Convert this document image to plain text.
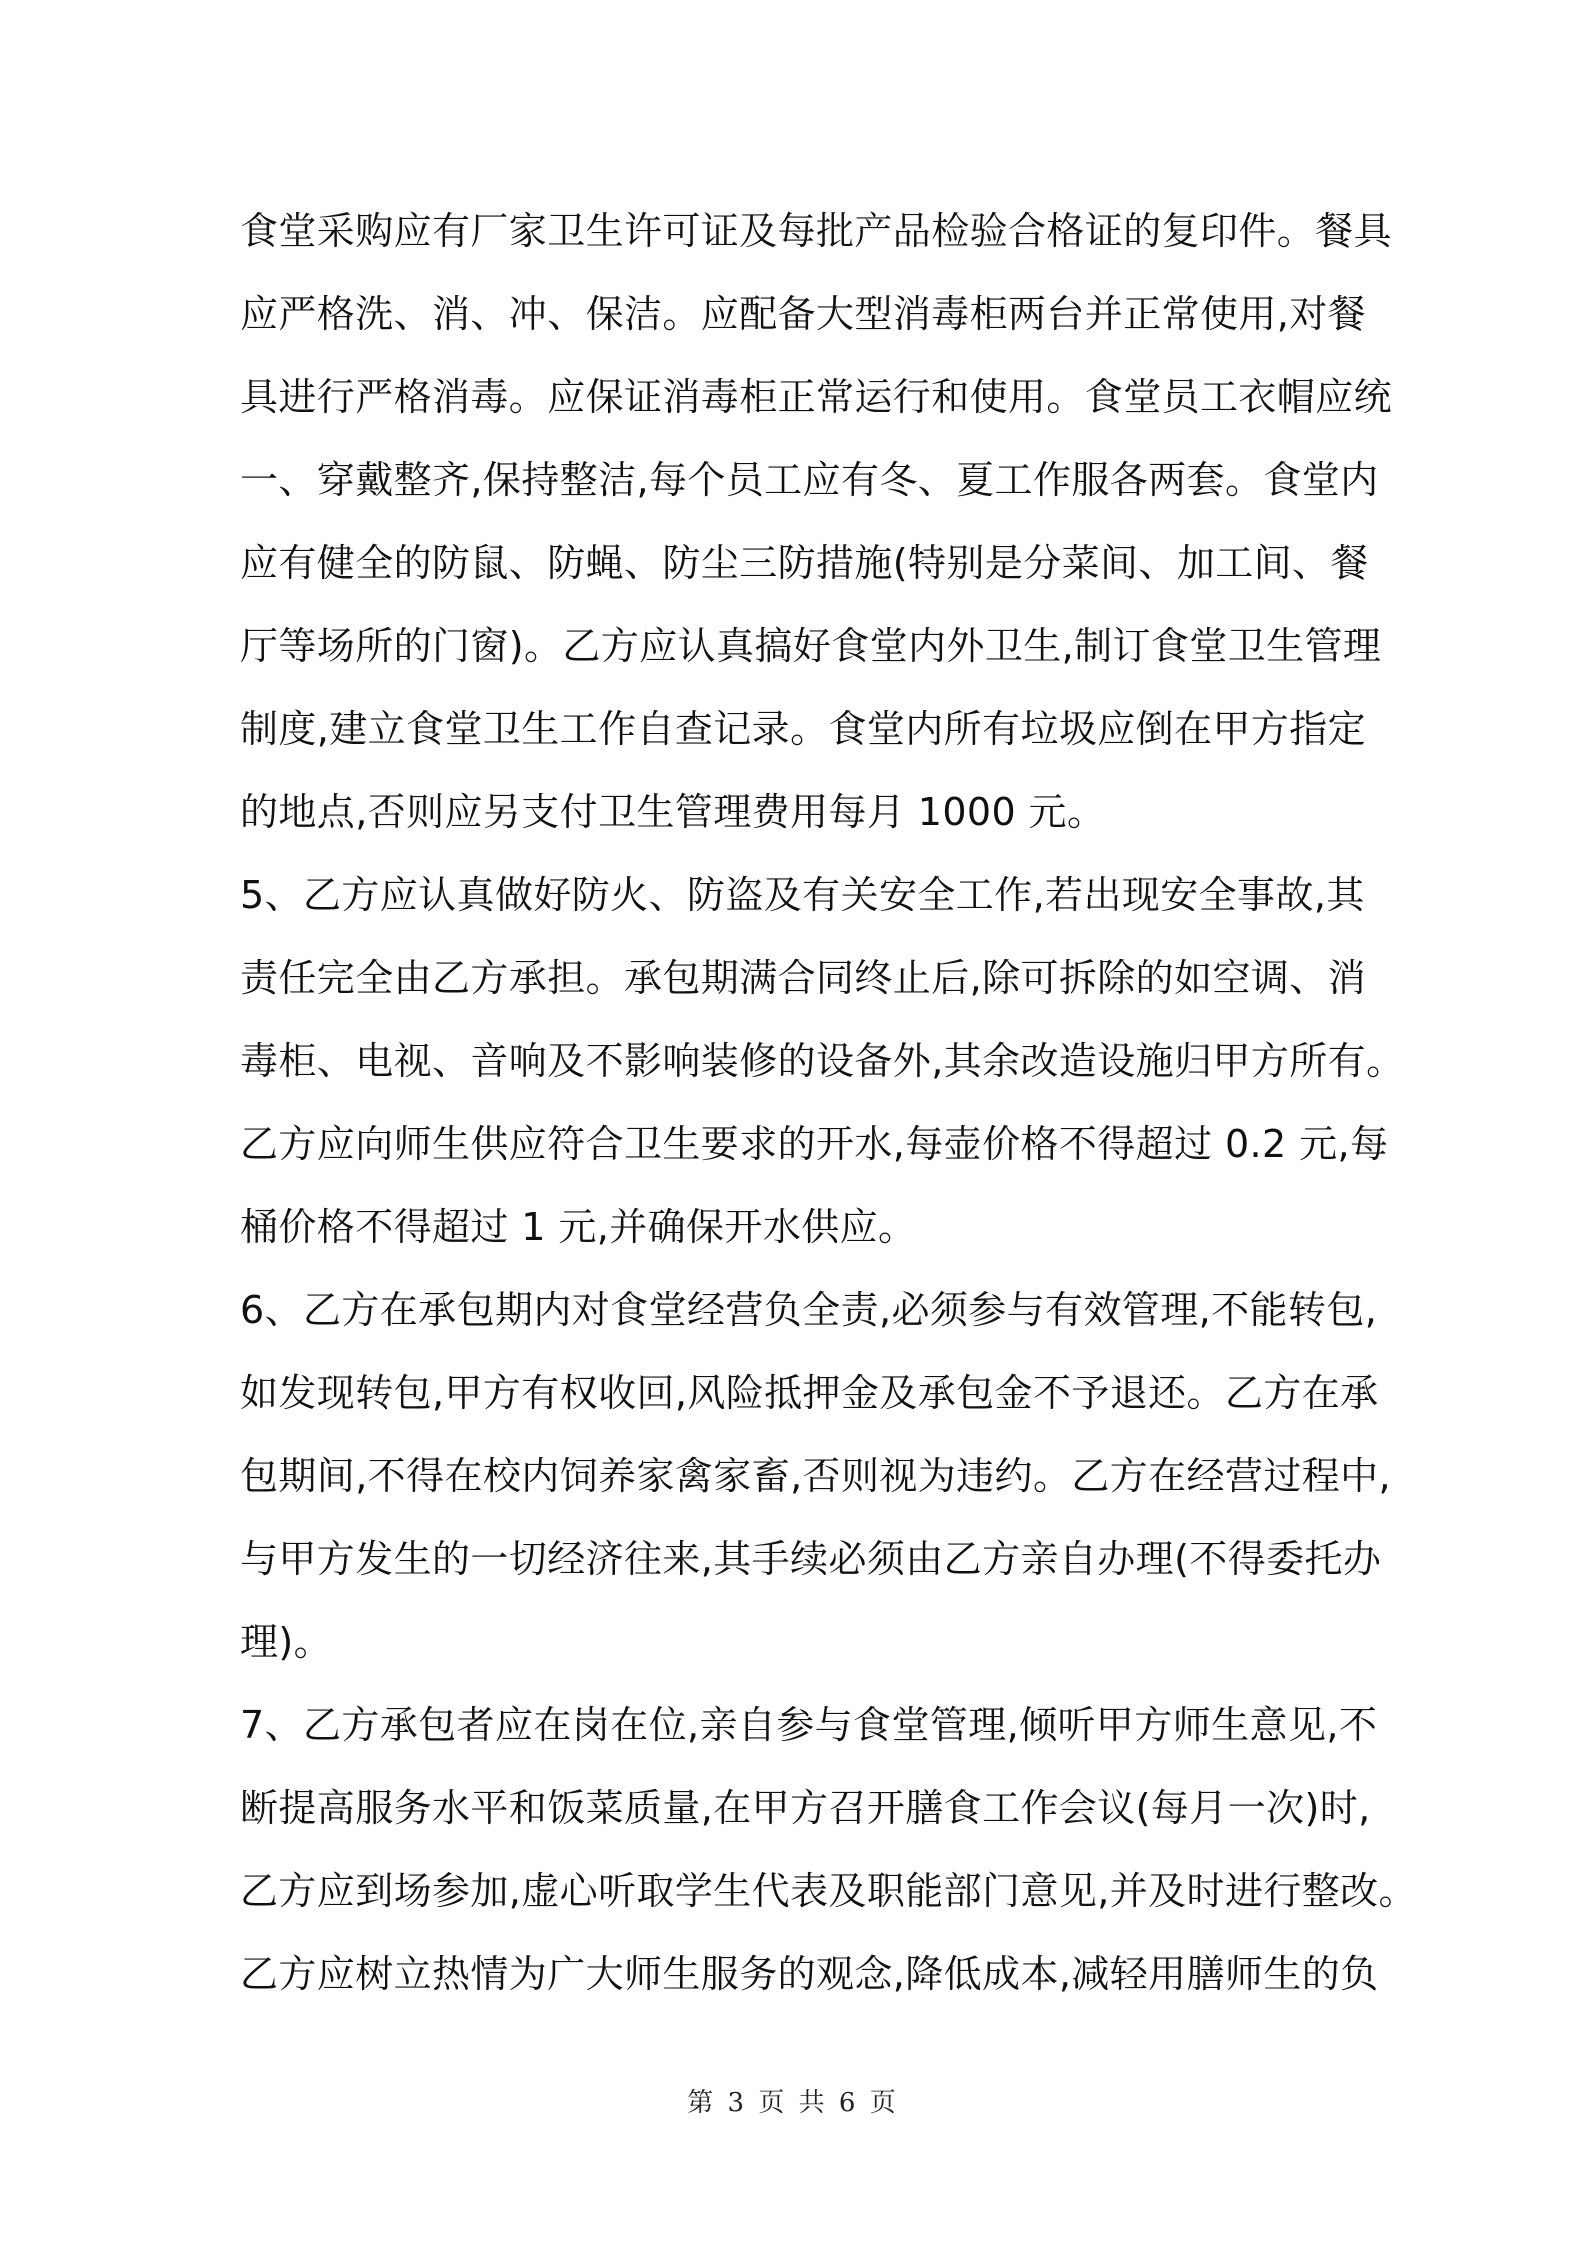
食堂采购应有厂家卫生许可证及每批产品检验合格证的复印件。餐具
应严格洗、消、冲、保洁。应配备大型消毒柜两台并正常使用,对餐
具进行严格消毒。应保证消毒柜正常运行和使用。食堂员工衣帽应统
一、穿戴整齐,保持整洁,每个员工应有冬、夏工作服各两套。食堂内
应有健全的防鼠、防蝇、防尘三防措施(特别是分菜间、加工间、餐
厅等场所的门窗)。乙方应认真搞好食堂内外卫生,制订食堂卫生管理
制度,建立食堂卫生工作自查记录。食堂内所有垃圾应倒在甲方指定
的地点,否则应另支付卫生管理费用每月 1000 元。
5、乙方应认真做好防火、防盗及有关安全工作,若出现安全事故,其
责任完全由乙方承担。承包期满合同终止后,除可拆除的如空调、消
毒柜、电视、音响及不影响装修的设备外,其余改造设施归甲方所有。
乙方应向师生供应符合卫生要求的开水,每壶价格不得超过 0.2 元,每
桶价格不得超过 1 元,并确保开水供应。
6、乙方在承包期内对食堂经营负全责,必须参与有效管理,不能转包,
如发现转包,甲方有权收回,风险抵押金及承包金不予退还。乙方在承
包期间,不得在校内饲养家禽家畜,否则视为违约。乙方在经营过程中,
与甲方发生的一切经济往来,其手续必须由乙方亲自办理(不得委托办
理)。
7、乙方承包者应在岗在位,亲自参与食堂管理,倾听甲方师生意见,不
断提高服务水平和饭菜质量,在甲方召开膳食工作会议(每月一次)时,
乙方应到场参加,虚心听取学生代表及职能部门意见,并及时进行整改。
乙方应树立热情为广大师生服务的观念,降低成本,减轻用膳师生的负
第 3 页 共 6 页
